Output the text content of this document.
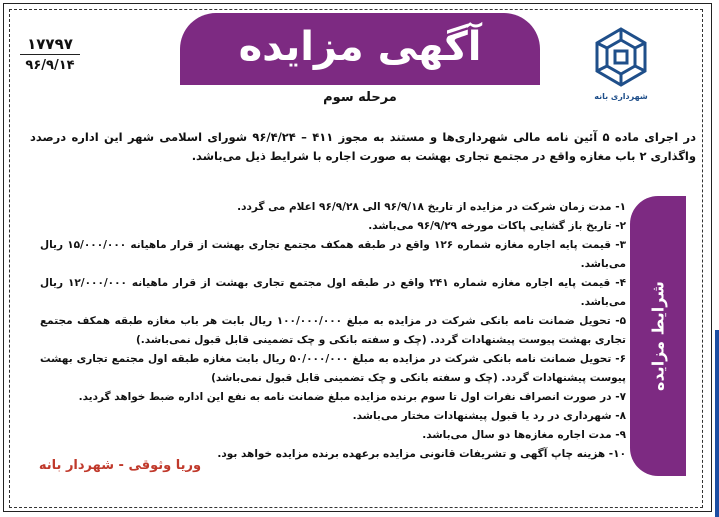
۱۷۷۹۷
۹۶/۹/۱۴	آگهی مزایده
مرحله سوم	شهرداری بانه
در اجرای ماده ۵ آئین نامه مالی شهرداری‌ها و مستند به مجوز ۴۱۱ – ۹۶/۴/۲۴ شورای اسلامی شهر این اداره درصدد واگذاری ۲ باب مغازه واقع در مجتمع تجاری بهشت به صورت اجاره با شرایط ذیل می‌باشد.
شرایط مزایده
۱- مدت زمان شرکت در مزایده از تاریخ ۹۶/۹/۱۸ الی ۹۶/۹/۲۸ اعلام می گردد.
۲- تاریخ باز گشایی پاکات مورخه ۹۶/۹/۲۹ می‌باشد.
۳- قیمت پایه اجاره مغازه شماره ۱۲۶ واقع در طبقه همکف مجتمع تجاری بهشت از قرار ماهیانه ۱۵/۰۰۰/۰۰۰ ریال می‌باشد.
۴- قیمت پایه اجاره مغازه شماره ۲۴۱ واقع در طبقه اول مجتمع تجاری بهشت از قرار ماهیانه ۱۲/۰۰۰/۰۰۰ ریال می‌باشد.
۵- تحویل ضمانت نامه بانکی شرکت در مزایده به مبلغ ۱۰۰/۰۰۰/۰۰۰ ریال بابت هر باب مغازه طبقه همکف مجتمع تجاری بهشت پیوست پیشنهادات گردد. (چک و سفته بانکی و چک تضمینی قابل قبول نمی‌باشد.)
۶- تحویل ضمانت نامه بانکی شرکت در مزایده به مبلغ ۵۰/۰۰۰/۰۰۰ ریال بابت مغازه طبقه اول مجتمع تجاری بهشت پیوست پیشنهادات گردد. (چک و سفته بانکی و چک تضمینی قابل قبول نمی‌باشد)
۷- در صورت انصراف نفرات اول تا سوم برنده مزایده مبلغ ضمانت نامه به نفع این اداره ضبط خواهد گردید.
۸- شهرداری در رد یا قبول پیشنهادات مختار می‌باشد.
۹- مدت اجاره مغازه‌ها دو سال می‌باشد.
۱۰- هزینه چاپ آگهی و تشریفات قانونی مزایده برعهده برنده مزایده خواهد بود.
وریا وثوقی - شهردار بانه
